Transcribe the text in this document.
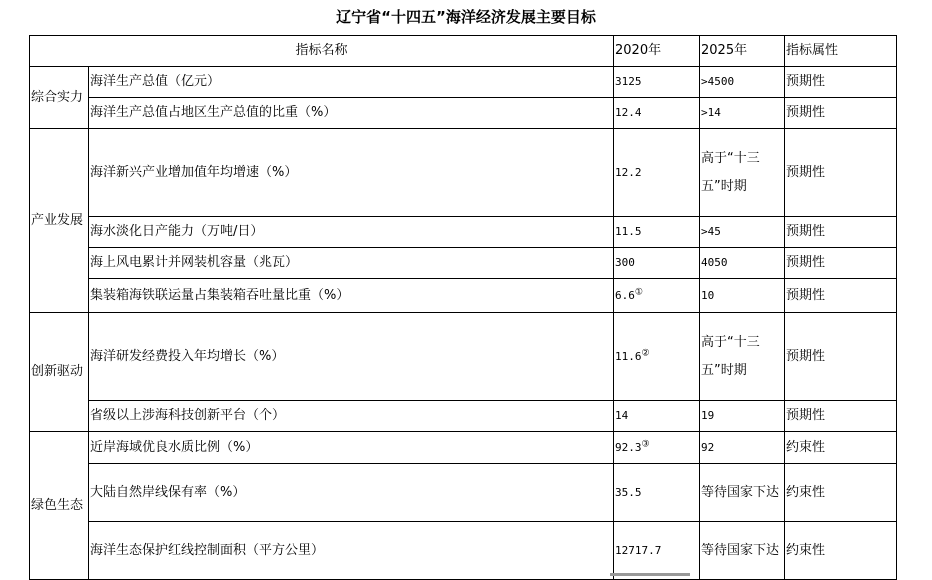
辽宁省“十四五”海洋经济发展主要目标
指标名称		2020年	2025年	指标属性
综合实力	海洋生产总值（亿元）	3125	>4500	预期性
	海洋生产总值占地区生产总值的比重（%）	12.4	>14	预期性
产业发展	海洋新兴产业增加值年均增速（%）	12.2	高于“十三五”时期	预期性
	海水淡化日产能力（万吨/日）	11.5	>45	预期性
	海上风电累计并网装机容量（兆瓦）	300	4050	预期性
	集装箱海铁联运量占集装箱吞吐量比重（%）	6.6①	10	预期性
创新驱动	海洋研发经费投入年均增长（%）	11.6②	高于“十三五”时期	预期性
	省级以上涉海科技创新平台（个）	14	19	预期性
绿色生态	近岸海域优良水质比例（%）	92.3③	92	约束性
	大陆自然岸线保有率（%）	35.5	等待国家下达	约束性
	海洋生态保护红线控制面积（平方公里）	12717.7	等待国家下达	约束性
